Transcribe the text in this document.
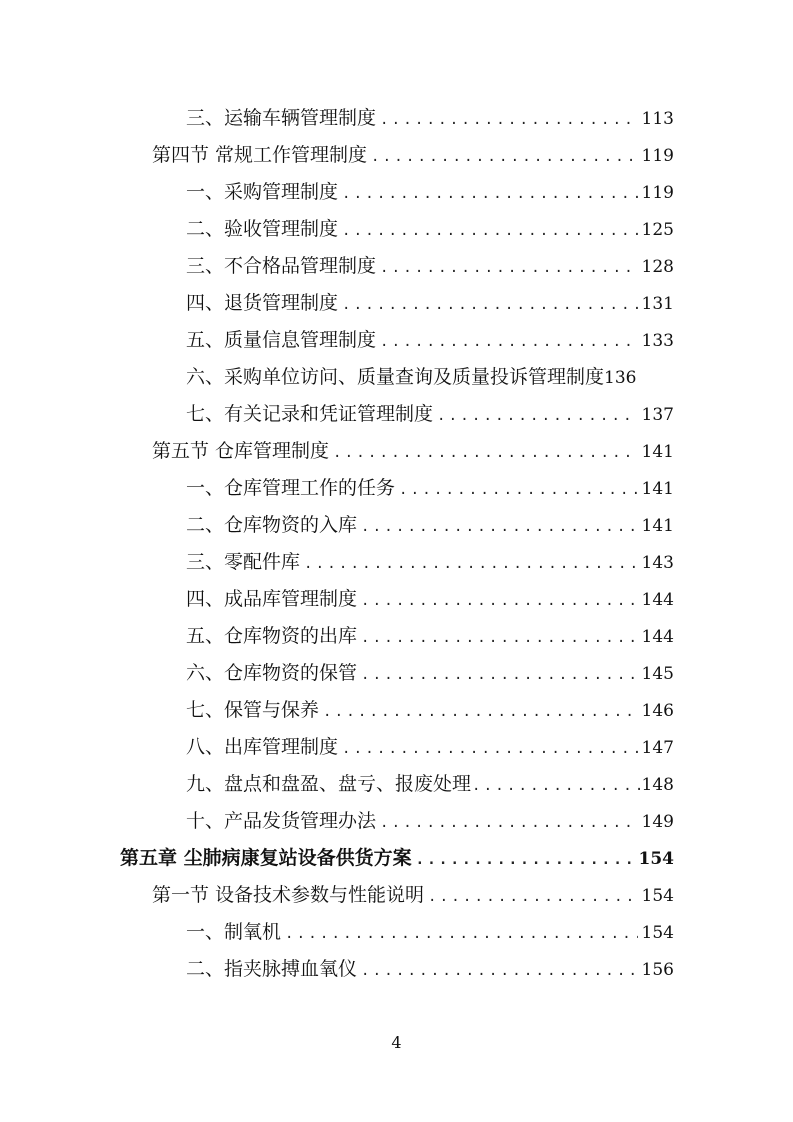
三、运输车辆管理制度 .....	113
第四节 常规工作管理制度 .....	119
一、采购管理制度 .....	119
二、验收管理制度 .....	125
三、不合格品管理制度 .....	128
四、退货管理制度 .....	131
五、质量信息管理制度 .....	133
六、采购单位访问、质量查询及质量投诉管理制度 136
七、有关记录和凭证管理制度 .....	137
第五节 仓库管理制度 .....	141
一、仓库管理工作的任务 .....	141
二、仓库物资的入库 .....	141
三、零配件库 .....	143
四、成品库管理制度 .....	144
五、仓库物资的出库 .....	144
六、仓库物资的保管 .....	145
七、保管与保养 .....	146
八、出库管理制度 .....	147
九、盘点和盘盈、盘亏、报废处理 .....	148
十、产品发货管理办法 .....	149
第五章 尘肺病康复站设备供货方案 .....	154
第一节 设备技术参数与性能说明 .....	154
一、制氧机 .....	154
二、指夹脉搏血氧仪 .....	156
4
